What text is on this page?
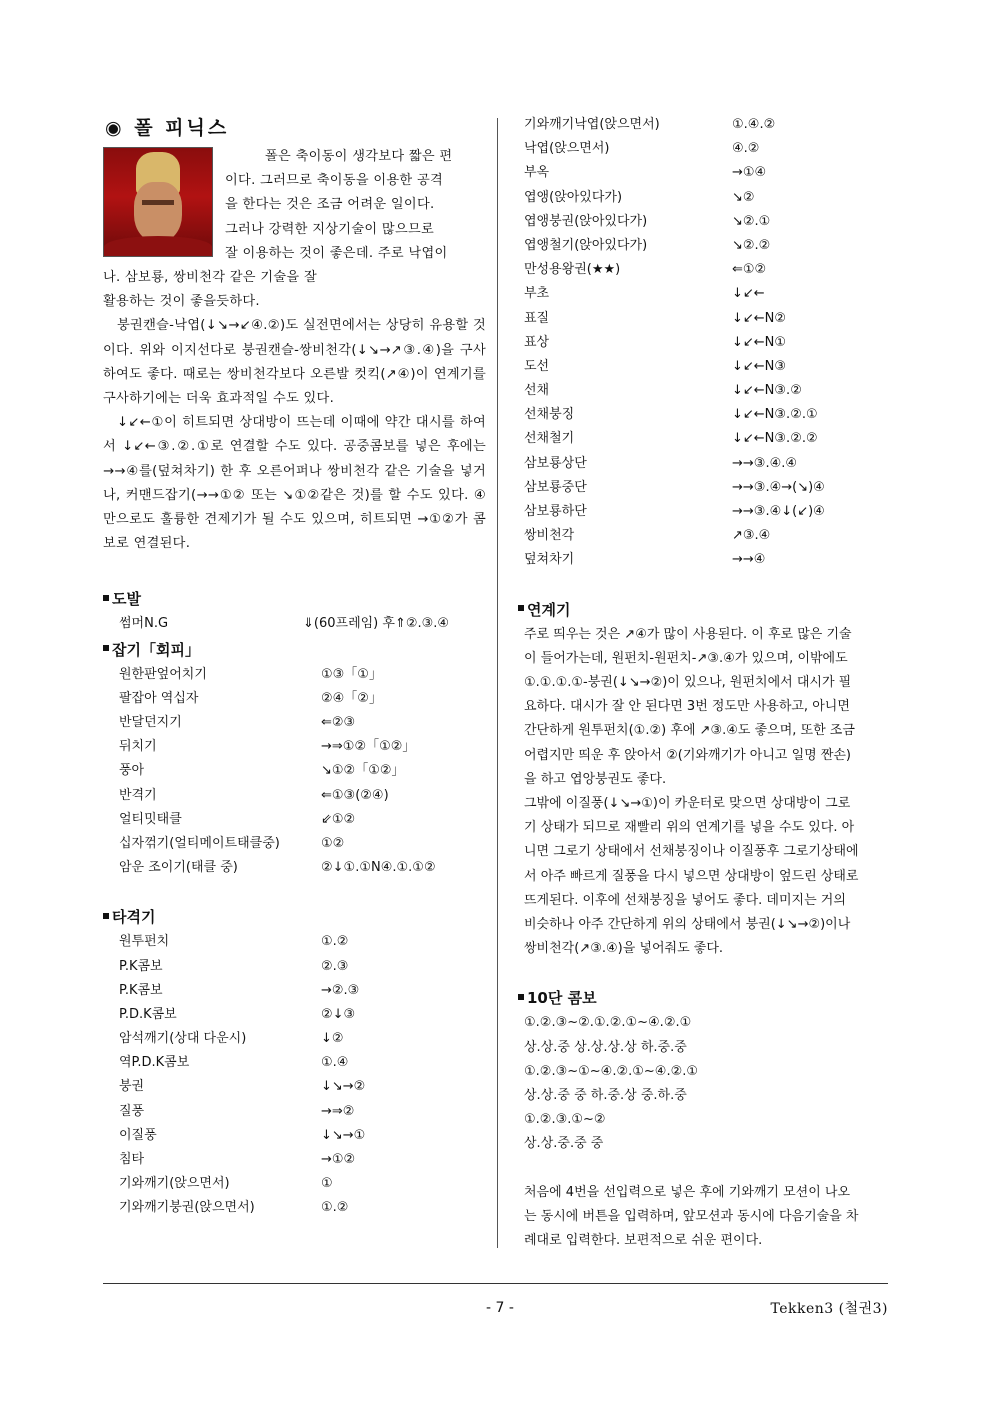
◉ 폴 피닉스
폴은 축이동이 생각보다 짧은 편
이다. 그러므로 축이동을 이용한 공격
을 한다는 것은 조금 어려운 일이다.
그러나 강력한 지상기술이 많으므로
잘 이용하는 것이 좋은데. 주로 낙엽이
나. 삼보룡, 쌍비천각 같은 기술을 잘
활용하는 것이 좋을듯하다.

붕권캔슬-낙엽(↓↘→↙④.②)도 실전면에서는 상당히 유용할 것이다. 위와 이지선다로 붕권캔슬-쌍비천각(↓↘→↗③.④)을 구사하여도 좋다. 때로는 쌍비천각보다 오른발 컷킥(↗④)이 연계기를 구사하기에는 더욱 효과적일 수도 있다.

↓↙←①이 히트되면 상대방이 뜨는데 이때에 약간 대시를 하여서 ↓↙←③.②.①로 연결할 수도 있다. 공중콤보를 넣은 후에는 →→④를(덮쳐차기) 한 후 오른어퍼나 쌍비천각 같은 기술을 넣거나, 커맨드잡기(→→①② 또는 ↘①②같은 것)를 할 수도 있다. ④만으로도 훌륭한 견제기가 될 수도 있으며, 히트되면 →①②가 콤보로 연결된다.

도발
썸머N.G	⇓(60프레임) 후⇑②.③.④
잡기「회피」
원한판엎어치기	①③「①」
팔잡아 역십자	②④「②」
반달던지기	⇐②③
뒤치기	→⇒①②「①②」
풍아	↘①②「①②」
반격기	⇐①③(②④)
얼티밋태클	⇙①②
십자꺾기(얼티메이트태클중)	①②
암운 조이기(태클 중)	②↓①.①N④.①.①②
타격기
원투펀치	①.②
P.K콤보	②.③
P.K콤보	→②.③
P.D.K콤보	②↓③
암석깨기(상대 다운시)	↓②
역P.D.K콤보	①.④
붕권	↓↘→②
질풍	→⇒②
이질풍	↓↘→①
침타	→①②
기와깨기(앉으면서)	①
기와깨기붕권(앉으면서)	①.②
기와깨기낙엽(앉으면서)	①.④.②
낙엽(앉으면서)	④.②
부옥	→①④
엽앵(앉아있다가)	↘②
엽앵붕권(앉아있다가)	↘②.①
엽앵철기(앉아있다가)	↘②.②
만성용왕권(★★)	⇐①②
부초	↓↙←
표질	↓↙←N②
표상	↓↙←N①
도선	↓↙←N③
선채	↓↙←N③.②
선채붕징	↓↙←N③.②.①
선채철기	↓↙←N③.②.②
삼보룡상단	→→③.④.④
삼보룡중단	→→③.④→(↘)④
삼보룡하단	→→③.④↓(↙)④
쌍비천각	↗③.④
덮쳐차기	→→④
연계기

주로 띄우는 것은 ↗④가 많이 사용된다. 이 후로 많은 기술

이 들어가는데, 원펀치-원펀치-↗③.④가 있으며, 이밖에도

①.①.①.①-붕권(↓↘→②)이 있으나, 원펀치에서 대시가 필

요하다. 대시가 잘 안 된다면 3번 정도만 사용하고, 아니면

간단하게 원투펀치(①.②) 후에 ↗③.④도 좋으며, 또한 조금

어렵지만 띄운 후 앉아서 ②(기와깨기가 아니고 일명 짠손)

을 하고 엽앙붕권도 좋다.

그밖에 이질풍(↓↘→①)이 카운터로 맞으면 상대방이 그로

기 상태가 되므로 재빨리 위의 연계기를 넣을 수도 있다. 아

니면 그로기 상태에서 선채붕징이나 이질풍후 그로기상태에

서 아주 빠르게 질풍을 다시 넣으면 상대방이 엎드린 상태로

뜨게된다. 이후에 선채붕징을 넣어도 좋다. 데미지는 거의

비슷하나 아주 간단하게 위의 상태에서 붕권(↓↘→②)이나

쌍비천각(↗③.④)을 넣어줘도 좋다.

10단 콤보

①.②.③~②.①.②.①~④.②.①

상.상.중 상.상.상.상 하.중.중

①.②.③~①~④.②.①~④.②.①

상.상.중 중 하.중.상 중.하.중

①.②.③.①~②

상.상.중.중 중

처음에 4번을 선입력으로 넣은 후에 기와깨기 모션이 나오

는 동시에 버튼을 입력하며, 앞모션과 동시에 다음기술을 차

례대로 입력한다. 보편적으로 쉬운 편이다.

- 7 -	Tekken3 (철권3)
